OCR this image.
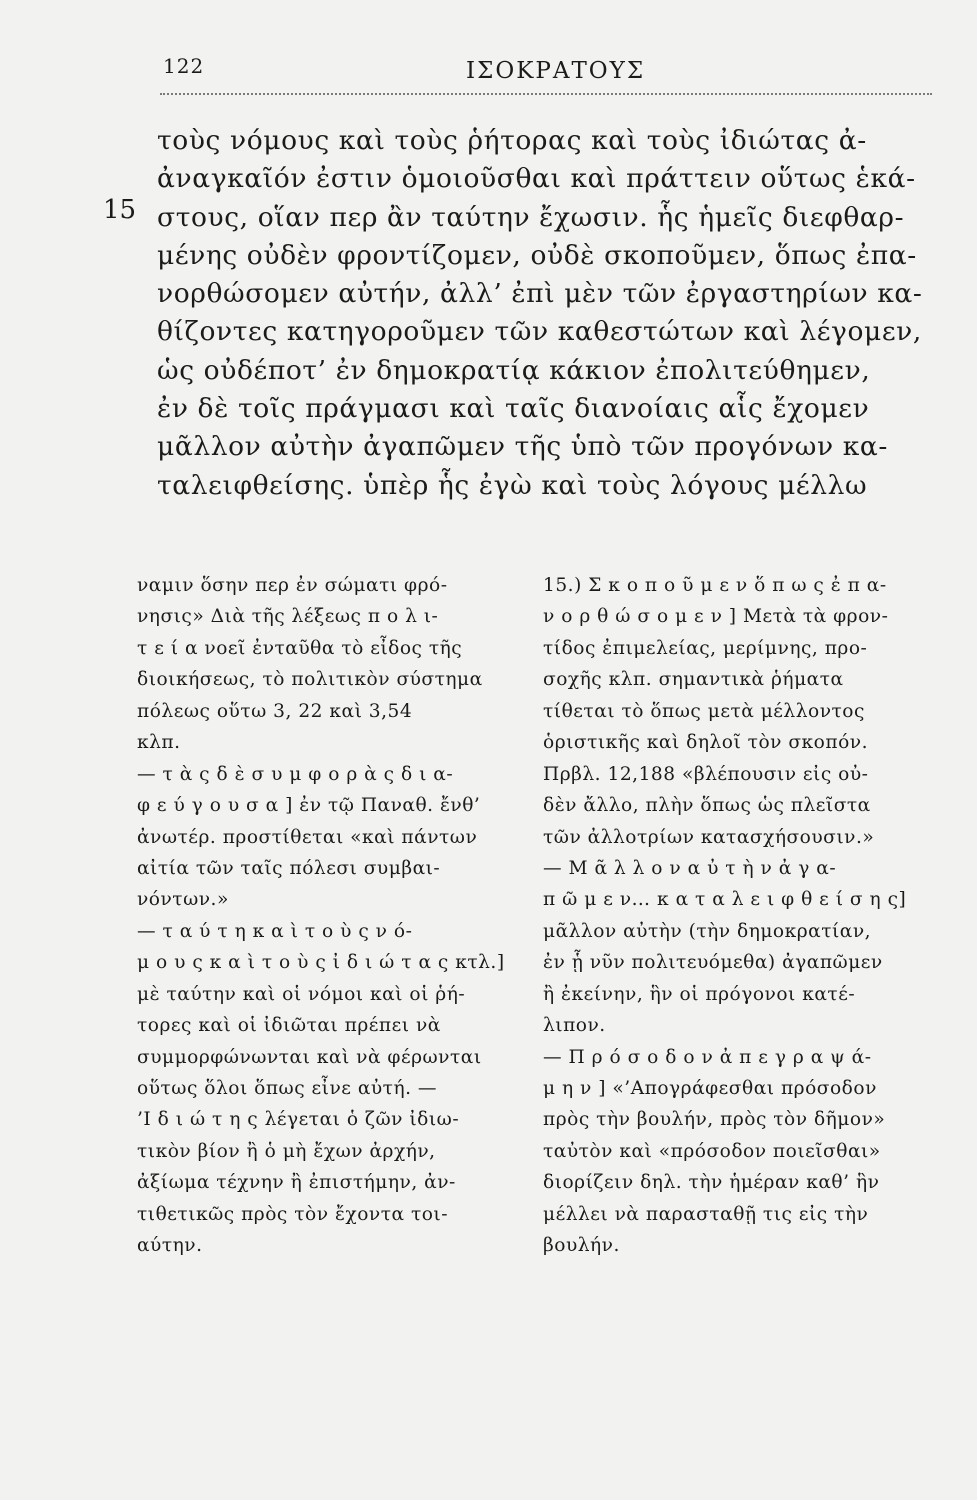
122	ΙΣΟΚΡΑΤΟΥΣ
15
τοὺς νόμους καὶ τοὺς ῥήτορας καὶ τοὺς ἰδιώτας ἀ-
ἀναγκαῖόν ἐστιν ὁμοιοῦσθαι καὶ πράττειν οὕτως ἑκά-
στους, οἵαν περ ἂν ταύτην ἔχωσιν. ἧς ἡμεῖς διεφθαρ-
μένης οὐδὲν φροντίζομεν, οὐδὲ σκοποῦμεν, ὅπως ἐπα-
νορθώσομεν αὐτήν, ἀλλ’ ἐπὶ μὲν τῶν ἐργαστηρίων κα-
θίζοντες κατηγοροῦμεν τῶν καθεστώτων καὶ λέγομεν,
ὡς οὐδέποτ’ ἐν δημοκρατίᾳ κάκιον ἐπολιτεύθημεν,
ἐν δὲ τοῖς πράγμασι καὶ ταῖς διανοίαις αἷς ἔχομεν
μᾶλλον αὐτὴν ἀγαπῶμεν τῆς ὑπὸ τῶν προγόνων κα-
ταλειφθείσης. ὑπὲρ ἧς ἐγὼ καὶ τοὺς λόγους μέλλω
ναμιν ὅσην περ ἐν σώματι φρό-
νησις» Διὰ τῆς λέξεως π ο λ ι-
τ ε ί α νοεῖ ἐνταῦθα τὸ εἶδος τῆς
διοικήσεως, τὸ πολιτικὸν σύστημα
πόλεως οὕτω 3, 22 καὶ 3,54
κλπ.
— τ ὰ ς δ ὲ σ υ μ φ ο ρ ὰ ς δ ι α-
φ ε ύ γ ο υ σ α ] ἐν τῷ Παναθ. ἔνθ’
ἀνωτέρ. προστίθεται «καὶ πάντων
αἰτία τῶν ταῖς πόλεσι συμβαι-
νόντων.»
— τ α ύ τ η κ α ὶ τ ο ὺ ς ν ό-
μ ο υ ς κ α ὶ τ ο ὺ ς ἰ δ ι ώ τ α ς κτλ.]
μὲ ταύτην καὶ οἱ νόμοι καὶ οἱ ῥή-
τορες καὶ οἱ ἰδιῶται πρέπει νὰ
συμμορφώνωνται καὶ νὰ φέρωνται
οὕτως ὅλοι ὅπως εἶνε αὐτή. —
’Ι δ ι ώ τ η ς λέγεται ὁ ζῶν ἰδιω-
τικὸν βίον ἢ ὁ μὴ ἔχων ἀρχήν,
ἀξίωμα τέχνην ἢ ἐπιστήμην, ἀν-
τιθετικῶς πρὸς τὸν ἔχοντα τοι-
αύτην.
15.) Σ κ ο π ο ῦ μ ε ν ὅ π ω ς ἐ π α-
ν ο ρ θ ώ σ ο μ ε ν ] Μετὰ τὰ φρον-
τίδος ἐπιμελείας, μερίμνης, προ-
σοχῆς κλπ. σημαντικὰ ῥήματα
τίθεται τὸ ὅπως μετὰ μέλλοντος
ὁριστικῆς καὶ δηλοῖ τὸν σκοπόν.
Πρβλ. 12,188 «βλέπουσιν εἰς οὐ-
δὲν ἄλλο, πλὴν ὅπως ὡς πλεῖστα
τῶν ἀλλοτρίων κατασχήσουσιν.»
— Μ ᾶ λ λ ο ν α ὐ τ ὴ ν ἀ γ α-
π ῶ μ ε ν… κ α τ α λ ε ι φ θ ε ί σ η ς]
μᾶλλον αὐτὴν (τὴν δημοκρατίαν,
ἐν ᾗ νῦν πολιτευόμεθα) ἀγαπῶμεν
ἢ ἐκείνην, ἣν οἱ πρόγονοι κατέ-
λιπον.
— Π ρ ό σ ο δ ο ν ἀ π ε γ ρ α ψ ά-
μ η ν ] «’Απογράφεσθαι πρόσοδον
πρὸς τὴν βουλήν, πρὸς τὸν δῆμον»
ταὐτὸν καὶ «πρόσοδον ποιεῖσθαι»
διορίζειν δηλ. τὴν ἡμέραν καθ’ ἣν
μέλλει νὰ παρασταθῇ τις εἰς τὴν
βουλήν.
